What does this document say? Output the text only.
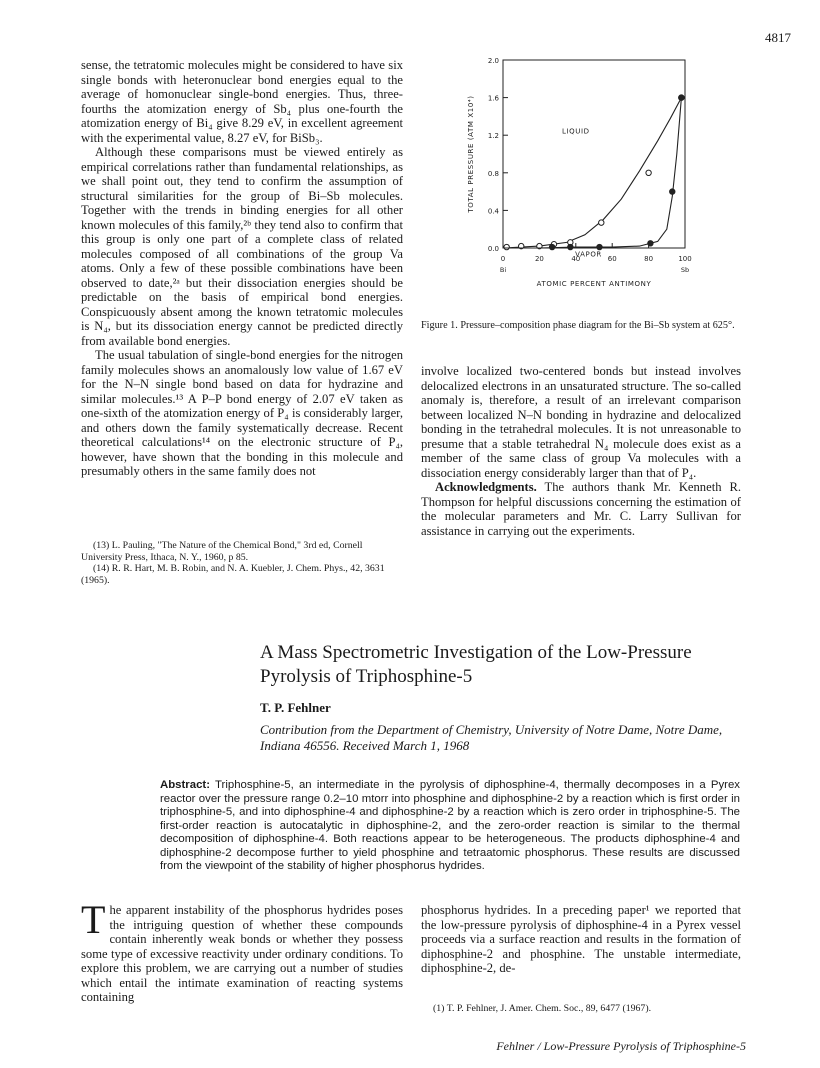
4817

sense, the tetratomic molecules might be considered to have six single bonds with heteronuclear bond energies equal to the average of homonuclear single-bond energies. Thus, three-fourths the atomization energy of Sb₄ plus one-fourth the atomization energy of Bi₄ give 8.29 eV, in excellent agreement with the experimental value, 8.27 eV, for BiSb₃.

Although these comparisons must be viewed entirely as empirical correlations rather than fundamental relationships, as we shall point out, they tend to confirm the assumption of structural similarities for the group of Bi–Sb molecules. Together with the trends in binding energies for all other known molecules of this family,²ᵇ they tend also to confirm that this group is only one part of a complete class of related molecules composed of all combinations of the group Va atoms. Only a few of these possible combinations have been observed to date,²ᵃ but their dissociation energies should be predictable on the basis of empirical bond energies. Conspicuously absent among the known tetratomic molecules is N₄, but its dissociation energy cannot be predicted directly from available bond energies.

The usual tabulation of single-bond energies for the nitrogen family molecules shows an anomalously low value of 1.67 eV for the N–N single bond based on data for hydrazine and similar molecules.¹³ A P–P bond energy of 2.07 eV taken as one-sixth of the atomization energy of P₄ is considerably larger, and others down the family systematically decrease. Recent theoretical calculations¹⁴ on the electronic structure of P₄, however, have shown that the bonding in this molecule and presumably others in the same family does not

(13) L. Pauling, "The Nature of the Chemical Bond," 3rd ed, Cornell University Press, Ithaca, N. Y., 1960, p 85.

(14) R. R. Hart, M. B. Robin, and N. A. Kuebler, J. Chem. Phys., 42, 3631 (1965).

0.0
0.4
0.8
1.2
1.6
2.0
0	20	40	60	80	100
Bi	Sb
ATOMIC PERCENT ANTIMONY
TOTAL PRESSURE (ATM X10⁴)	LIQUID
VAPOR
Figure 1. Pressure–composition phase diagram for the Bi–Sb system at 625°.

involve localized two-centered bonds but instead involves delocalized electrons in an unsaturated structure. The so-called anomaly is, therefore, a result of an irrelevant comparison between localized N–N bonding in hydrazine and delocalized bonding in the tetrahedral molecules. It is not unreasonable to presume that a stable tetrahedral N₄ molecule does exist as a member of the same class of group Va molecules with a dissociation energy considerably larger than that of P₄.

Acknowledgments. The authors thank Mr. Kenneth R. Thompson for helpful discussions concerning the estimation of the molecular parameters and Mr. C. Larry Sullivan for assistance in carrying out the experiments.

A Mass Spectrometric Investigation of the Low-Pressure Pyrolysis of Triphosphine-5
T. P. Fehlner
Contribution from the Department of Chemistry, University of Notre Dame, Notre Dame, Indiana 46556. Received March 1, 1968
Abstract: Triphosphine-5, an intermediate in the pyrolysis of diphosphine-4, thermally decomposes in a Pyrex reactor over the pressure range 0.2–10 mtorr into phosphine and diphosphine-2 by a reaction which is first order in triphosphine-5, and into diphosphine-4 and diphosphine-2 by a reaction which is zero order in triphosphine-5. The first-order reaction is autocatalytic in diphosphine-2, and the zero-order reaction is similar to the thermal decomposition of diphosphine-4. Both reactions appear to be heterogeneous. The products diphosphine-4 and diphosphine-2 decompose further to yield phosphine and tetraatomic phosphorus. These results are discussed from the viewpoint of the stability of higher phosphorus hydrides.

The apparent instability of the phosphorus hydrides poses the intriguing question of whether these compounds contain inherently weak bonds or whether they possess some type of excessive reactivity under ordinary conditions. To explore this problem, we are carrying out a number of studies which entail the intimate examination of reacting systems containing

phosphorus hydrides. In a preceding paper¹ we reported that the low-pressure pyrolysis of diphosphine-4 in a Pyrex vessel proceeds via a surface reaction and results in the formation of diphosphine-2 and phosphine. The unstable intermediate, diphosphine-2, de-

(1) T. P. Fehlner, J. Amer. Chem. Soc., 89, 6477 (1967).
Fehlner / Low-Pressure Pyrolysis of Triphosphine-5
